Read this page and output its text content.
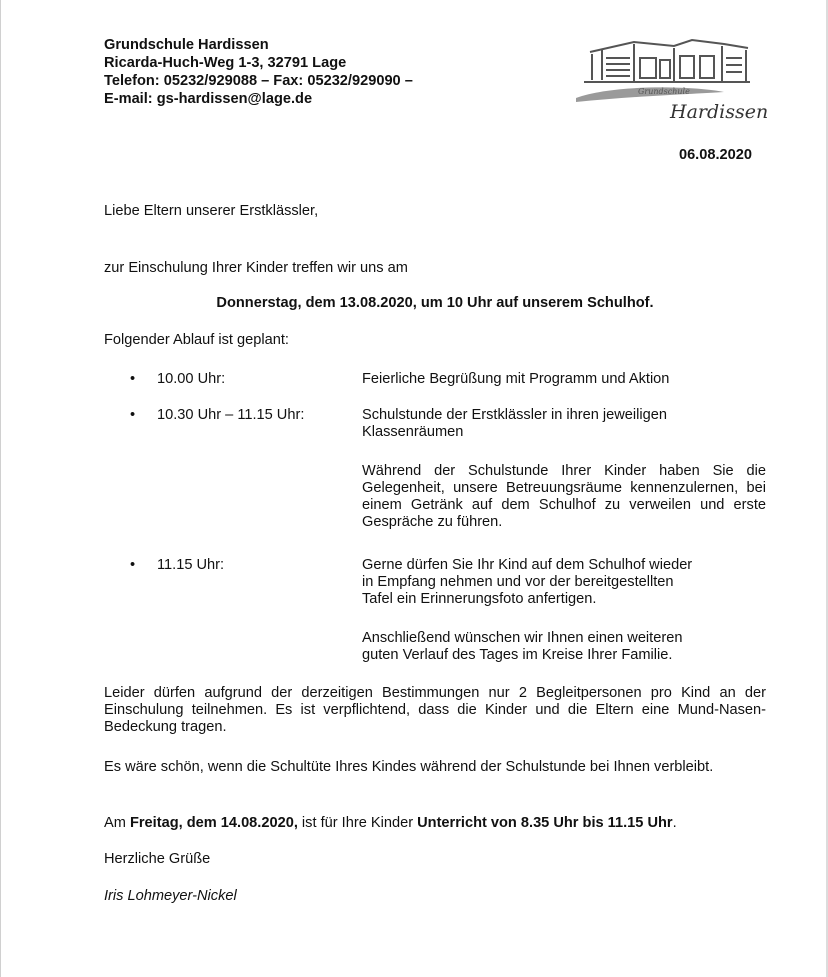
Grundschule Hardissen
Ricarda-Huch-Weg 1-3, 32791 Lage
Telefon: 05232/929088 – Fax: 05232/929090 –
E-mail: gs-hardissen@lage.de	Grundschule
Hardissen
06.08.2020
Liebe Eltern unserer Erstklässler,
zur Einschulung Ihrer Kinder treffen wir uns am
Donnerstag, dem 13.08.2020, um 10 Uhr auf unserem Schulhof.
Folgender Ablauf ist geplant:
• 10.00 Uhr:	Feierliche Begrüßung mit Programm und Aktion
• 10.30 Uhr – 11.15 Uhr:	Schulstunde der Erstklässler in ihren jeweiligen
Klassenräumen
Während der Schulstunde Ihrer Kinder haben Sie die Gelegenheit, unsere Betreuungsräume kennenzulernen, bei einem Getränk auf dem Schulhof zu verweilen und erste Gespräche zu führen.
• 11.15 Uhr:	Gerne dürfen Sie Ihr Kind auf dem Schulhof wieder
in Empfang nehmen und vor der bereitgestellten
Tafel ein Erinnerungsfoto anfertigen.
Anschließend wünschen wir Ihnen einen weiteren
guten Verlauf des Tages im Kreise Ihrer Familie.
Leider dürfen aufgrund der derzeitigen Bestimmungen nur 2 Begleitpersonen pro Kind an der Einschulung teilnehmen. Es ist verpflichtend, dass die Kinder und die Eltern eine Mund-Nasen-Bedeckung tragen.
Es wäre schön, wenn die Schultüte Ihres Kindes während der Schulstunde bei Ihnen verbleibt.
Am Freitag, dem 14.08.2020, ist für Ihre Kinder Unterricht von 8.35 Uhr bis 11.15 Uhr.
Herzliche Grüße
Iris Lohmeyer-Nickel
